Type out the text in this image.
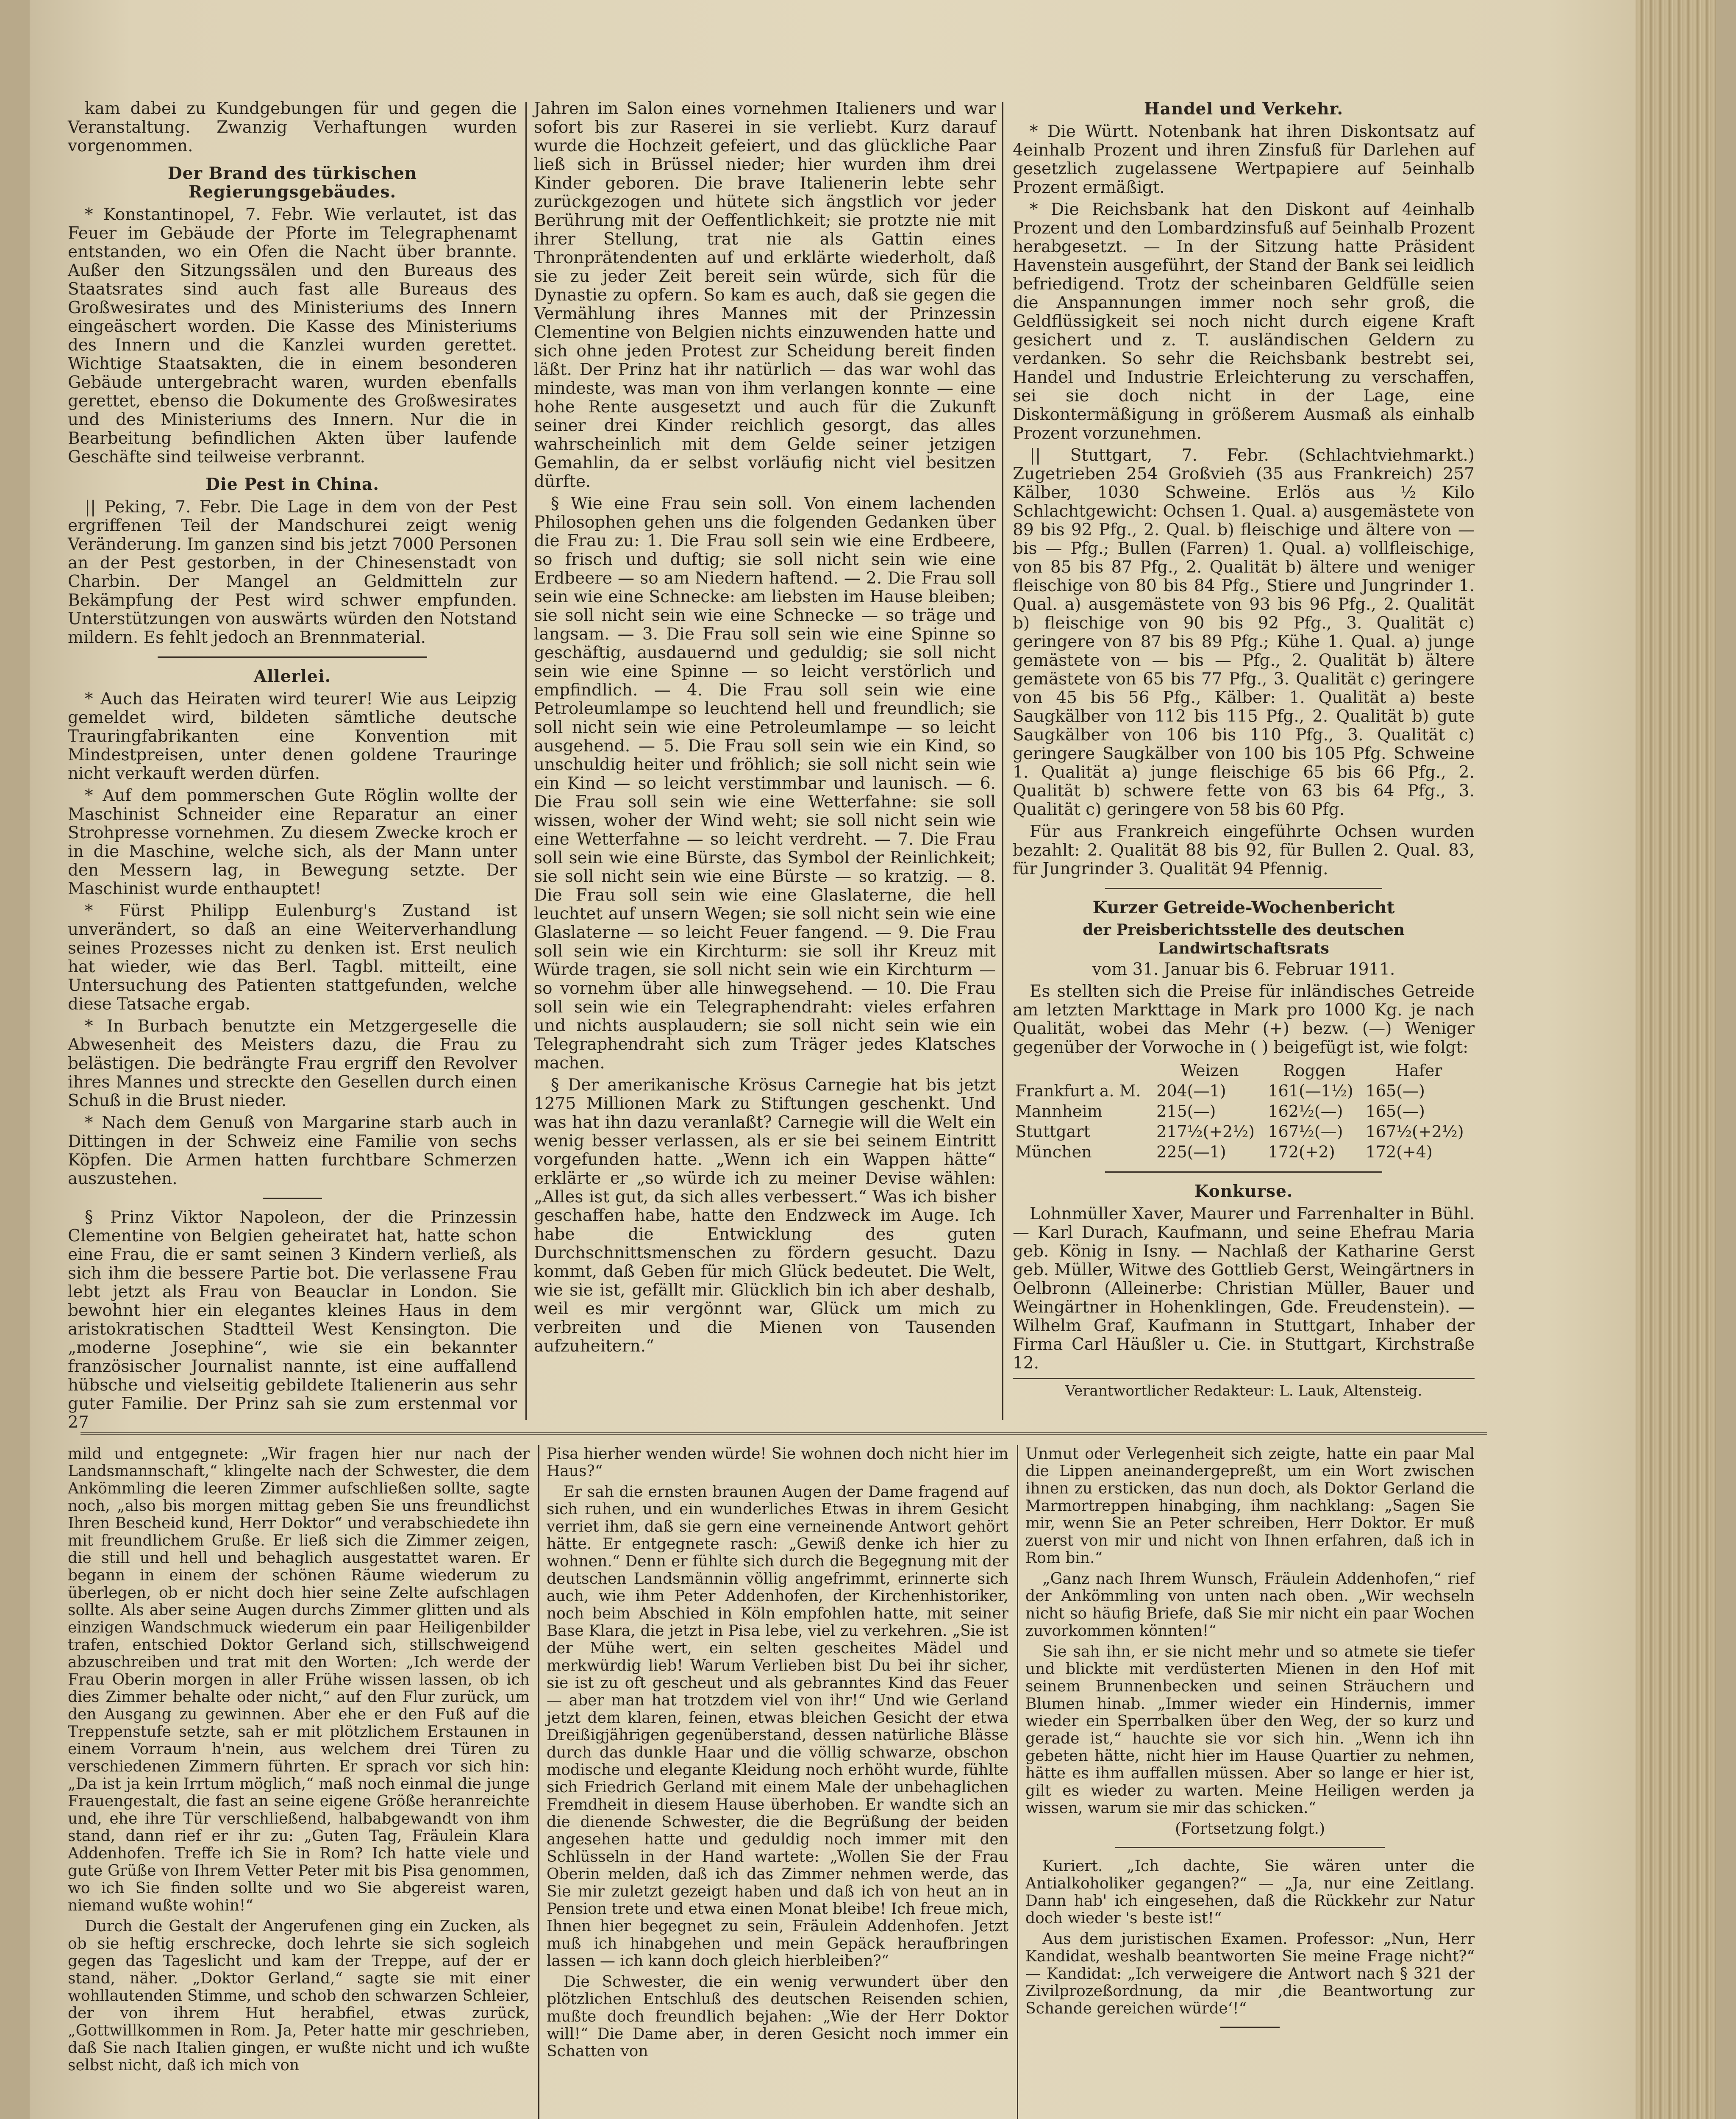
kam dabei zu Kundgebungen für und gegen die Veranstaltung. Zwanzig Verhaftungen wurden vorgenommen.

Der Brand des türkischen Regierungsgebäudes.

* Konstantinopel, 7. Febr. Wie verlautet, ist das Feuer im Gebäude der Pforte im Telegraphenamt entstanden, wo ein Ofen die Nacht über brannte. Außer den Sitzungssälen und den Bureaus des Staatsrates sind auch fast alle Bureaus des Großwesirates und des Ministeriums des Innern eingeäschert worden. Die Kasse des Ministeriums des Innern und die Kanzlei wurden gerettet. Wichtige Staatsakten, die in einem besonderen Gebäude untergebracht waren, wurden ebenfalls gerettet, ebenso die Dokumente des Großwesirates und des Ministeriums des Innern. Nur die in Bearbeitung befindlichen Akten über laufende Geschäfte sind teilweise verbrannt.

Die Pest in China.

|| Peking, 7. Febr. Die Lage in dem von der Pest ergriffenen Teil der Mandschurei zeigt wenig Veränderung. Im ganzen sind bis jetzt 7000 Personen an der Pest gestorben, in der Chinesenstadt von Charbin. Der Mangel an Geldmitteln zur Bekämpfung der Pest wird schwer empfunden. Unterstützungen von auswärts würden den Notstand mildern. Es fehlt jedoch an Brennmaterial.

Allerlei.

* Auch das Heiraten wird teurer! Wie aus Leipzig gemeldet wird, bildeten sämtliche deutsche Trauringfabrikanten eine Konvention mit Mindestpreisen, unter denen goldene Trauringe nicht verkauft werden dürfen.

* Auf dem pommerschen Gute Röglin wollte der Maschinist Schneider eine Reparatur an einer Strohpresse vornehmen. Zu diesem Zwecke kroch er in die Maschine, welche sich, als der Mann unter den Messern lag, in Bewegung setzte. Der Maschinist wurde enthauptet!

* Fürst Philipp Eulenburg's Zustand ist unverändert, so daß an eine Weiterverhandlung seines Prozesses nicht zu denken ist. Erst neulich hat wieder, wie das Berl. Tagbl. mitteilt, eine Untersuchung des Patienten stattgefunden, welche diese Tatsache ergab.

* In Burbach benutzte ein Metzgergeselle die Abwesenheit des Meisters dazu, die Frau zu belästigen. Die bedrängte Frau ergriff den Revolver ihres Mannes und streckte den Gesellen durch einen Schuß in die Brust nieder.

* Nach dem Genuß von Margarine starb auch in Dittingen in der Schweiz eine Familie von sechs Köpfen. Die Armen hatten furchtbare Schmerzen auszustehen.

§ Prinz Viktor Napoleon, der die Prinzessin Clementine von Belgien geheiratet hat, hatte schon eine Frau, die er samt seinen 3 Kindern verließ, als sich ihm die bessere Partie bot. Die verlassene Frau lebt jetzt als Frau von Beauclar in London. Sie bewohnt hier ein elegantes kleines Haus in dem aristokratischen Stadtteil West Kensington. Die „moderne Josephine“, wie sie ein bekannter französischer Journalist nannte, ist eine auffallend hübsche und vielseitig gebildete Italienerin aus sehr guter Familie. Der Prinz sah sie zum erstenmal vor 27

Jahren im Salon eines vornehmen Italieners und war sofort bis zur Raserei in sie verliebt. Kurz darauf wurde die Hochzeit gefeiert, und das glückliche Paar ließ sich in Brüssel nieder; hier wurden ihm drei Kinder geboren. Die brave Italienerin lebte sehr zurückgezogen und hütete sich ängstlich vor jeder Berührung mit der Oeffentlichkeit; sie protzte nie mit ihrer Stellung, trat nie als Gattin eines Thronprätendenten auf und erklärte wiederholt, daß sie zu jeder Zeit bereit sein würde, sich für die Dynastie zu opfern. So kam es auch, daß sie gegen die Vermählung ihres Mannes mit der Prinzessin Clementine von Belgien nichts einzuwenden hatte und sich ohne jeden Protest zur Scheidung bereit finden läßt. Der Prinz hat ihr natürlich — das war wohl das mindeste, was man von ihm verlangen konnte — eine hohe Rente ausgesetzt und auch für die Zukunft seiner drei Kinder reichlich gesorgt, das alles wahrscheinlich mit dem Gelde seiner jetzigen Gemahlin, da er selbst vorläufig nicht viel besitzen dürfte.

§ Wie eine Frau sein soll. Von einem lachenden Philosophen gehen uns die folgenden Gedanken über die Frau zu: 1. Die Frau soll sein wie eine Erdbeere, so frisch und duftig; sie soll nicht sein wie eine Erdbeere — so am Niedern haftend. — 2. Die Frau soll sein wie eine Schnecke: am liebsten im Hause bleiben; sie soll nicht sein wie eine Schnecke — so träge und langsam. — 3. Die Frau soll sein wie eine Spinne so geschäftig, ausdauernd und geduldig; sie soll nicht sein wie eine Spinne — so leicht verstörlich und empfindlich. — 4. Die Frau soll sein wie eine Petroleumlampe so leuchtend hell und freundlich; sie soll nicht sein wie eine Petroleumlampe — so leicht ausgehend. — 5. Die Frau soll sein wie ein Kind, so unschuldig heiter und fröhlich; sie soll nicht sein wie ein Kind — so leicht verstimmbar und launisch. — 6. Die Frau soll sein wie eine Wetterfahne: sie soll wissen, woher der Wind weht; sie soll nicht sein wie eine Wetterfahne — so leicht verdreht. — 7. Die Frau soll sein wie eine Bürste, das Symbol der Reinlichkeit; sie soll nicht sein wie eine Bürste — so kratzig. — 8. Die Frau soll sein wie eine Glaslaterne, die hell leuchtet auf unsern Wegen; sie soll nicht sein wie eine Glaslaterne — so leicht Feuer fangend. — 9. Die Frau soll sein wie ein Kirchturm: sie soll ihr Kreuz mit Würde tragen, sie soll nicht sein wie ein Kirchturm — so vornehm über alle hinwegsehend. — 10. Die Frau soll sein wie ein Telegraphendraht: vieles erfahren und nichts ausplaudern; sie soll nicht sein wie ein Telegraphendraht sich zum Träger jedes Klatsches machen.

§ Der amerikanische Krösus Carnegie hat bis jetzt 1275 Millionen Mark zu Stiftungen geschenkt. Und was hat ihn dazu veranlaßt? Carnegie will die Welt ein wenig besser verlassen, als er sie bei seinem Eintritt vorgefunden hatte. „Wenn ich ein Wappen hätte“ erklärte er „so würde ich zu meiner Devise wählen: „Alles ist gut, da sich alles verbessert.“ Was ich bisher geschaffen habe, hatte den Endzweck im Auge. Ich habe die Entwicklung des guten Durchschnittsmenschen zu fördern gesucht. Dazu kommt, daß Geben für mich Glück bedeutet. Die Welt, wie sie ist, gefällt mir. Glücklich bin ich aber deshalb, weil es mir vergönnt war, Glück um mich zu verbreiten und die Mienen von Tausenden aufzuheitern.“

Handel und Verkehr.

* Die Württ. Notenbank hat ihren Diskontsatz auf 4einhalb Prozent und ihren Zinsfuß für Darlehen auf gesetzlich zugelassene Wertpapiere auf 5einhalb Prozent ermäßigt.

* Die Reichsbank hat den Diskont auf 4einhalb Prozent und den Lombardzinsfuß auf 5einhalb Prozent herabgesetzt. — In der Sitzung hatte Präsident Havenstein ausgeführt, der Stand der Bank sei leidlich befriedigend. Trotz der scheinbaren Geldfülle seien die Anspannungen immer noch sehr groß, die Geldflüssigkeit sei noch nicht durch eigene Kraft gesichert und z. T. ausländischen Geldern zu verdanken. So sehr die Reichsbank bestrebt sei, Handel und Industrie Erleichterung zu verschaffen, sei sie doch nicht in der Lage, eine Diskontermäßigung in größerem Ausmaß als einhalb Prozent vorzunehmen.

|| Stuttgart, 7. Febr. (Schlachtviehmarkt.) Zugetrieben 254 Großvieh (35 aus Frankreich) 257 Kälber, 1030 Schweine. Erlös aus ½ Kilo Schlachtgewicht: Ochsen 1. Qual. a) ausgemästete von 89 bis 92 Pfg., 2. Qual. b) fleischige und ältere von — bis — Pfg.; Bullen (Farren) 1. Qual. a) vollfleischige, von 85 bis 87 Pfg., 2. Qualität b) ältere und weniger fleischige von 80 bis 84 Pfg., Stiere und Jungrinder 1. Qual. a) ausgemästete von 93 bis 96 Pfg., 2. Qualität b) fleischige von 90 bis 92 Pfg., 3. Qualität c) geringere von 87 bis 89 Pfg.; Kühe 1. Qual. a) junge gemästete von — bis — Pfg., 2. Qualität b) ältere gemästete von 65 bis 77 Pfg., 3. Qualität c) geringere von 45 bis 56 Pfg., Kälber: 1. Qualität a) beste Saugkälber von 112 bis 115 Pfg., 2. Qualität b) gute Saugkälber von 106 bis 110 Pfg., 3. Qualität c) geringere Saugkälber von 100 bis 105 Pfg. Schweine 1. Qualität a) junge fleischige 65 bis 66 Pfg., 2. Qualität b) schwere fette von 63 bis 64 Pfg., 3. Qualität c) geringere von 58 bis 60 Pfg.

Für aus Frankreich eingeführte Ochsen wurden bezahlt: 2. Qualität 88 bis 92, für Bullen 2. Qual. 83, für Jungrinder 3. Qualität 94 Pfennig.

Kurzer Getreide-Wochenbericht
der Preisberichtsstelle des deutschen Landwirtschaftsrats
vom 31. Januar bis 6. Februar 1911.

Es stellten sich die Preise für inländisches Getreide am letzten Markttage in Mark pro 1000 Kg. je nach Qualität, wobei das Mehr (+) bezw. (—) Weniger gegenüber der Vorwoche in ( ) beigefügt ist, wie folgt:

	Weizen	Roggen	Hafer
Frankfurt a. M.	204(—1)	161(—1½)	165(—)
Mannheim	215(—)	162½(—)	165(—)
Stuttgart	217½(+2½)	167½(—)	167½(+2½)
München	225(—1)	172(+2)	172(+4)
Konkurse.

Lohnmüller Xaver, Maurer und Farrenhalter in Bühl. — Karl Durach, Kaufmann, und seine Ehefrau Maria geb. König in Isny. — Nachlaß der Katharine Gerst geb. Müller, Witwe des Gottlieb Gerst, Weingärtners in Oelbronn (Alleinerbe: Christian Müller, Bauer und Weingärtner in Hohenklingen, Gde. Freudenstein). — Wilhelm Graf, Kaufmann in Stuttgart, Inhaber der Firma Carl Häußler u. Cie. in Stuttgart, Kirchstraße 12.

Verantwortlicher Redakteur: L. Lauk, Altensteig.

mild und entgegnete: „Wir fragen hier nur nach der Landsmannschaft,“ klingelte nach der Schwester, die dem Ankömmling die leeren Zimmer aufschließen sollte, sagte noch, „also bis morgen mittag geben Sie uns freundlichst Ihren Bescheid kund, Herr Doktor“ und verabschiedete ihn mit freundlichem Gruße. Er ließ sich die Zimmer zeigen, die still und hell und behaglich ausgestattet waren. Er begann in einem der schönen Räume wiederum zu überlegen, ob er nicht doch hier seine Zelte aufschlagen sollte. Als aber seine Augen durchs Zimmer glitten und als einzigen Wandschmuck wiederum ein paar Heiligenbilder trafen, entschied Doktor Gerland sich, stillschweigend abzuschreiben und trat mit den Worten: „Ich werde der Frau Oberin morgen in aller Frühe wissen lassen, ob ich dies Zimmer behalte oder nicht,“ auf den Flur zurück, um den Ausgang zu gewinnen. Aber ehe er den Fuß auf die Treppenstufe setzte, sah er mit plötzlichem Erstaunen in einem Vorraum h'nein, aus welchem drei Türen zu verschiedenen Zimmern führten. Er sprach vor sich hin: „Da ist ja kein Irrtum möglich,“ maß noch einmal die junge Frauengestalt, die fast an seine eigene Größe heranreichte und, ehe ihre Tür verschließend, halbabgewandt von ihm stand, dann rief er ihr zu: „Guten Tag, Fräulein Klara Addenhofen. Treffe ich Sie in Rom? Ich hatte viele und gute Grüße von Ihrem Vetter Peter mit bis Pisa genommen, wo ich Sie finden sollte und wo Sie abgereist waren, niemand wußte wohin!“

Durch die Gestalt der Angerufenen ging ein Zucken, als ob sie heftig erschrecke, doch lehrte sie sich sogleich gegen das Tageslicht und kam der Treppe, auf der er stand, näher. „Doktor Gerland,“ sagte sie mit einer wohllautenden Stimme, und schob den schwarzen Schleier, der von ihrem Hut herabfiel, etwas zurück, „Gottwillkommen in Rom. Ja, Peter hatte mir geschrieben, daß Sie nach Italien gingen, er wußte nicht und ich wußte selbst nicht, daß ich mich von

Pisa hierher wenden würde! Sie wohnen doch nicht hier im Haus?“

Er sah die ernsten braunen Augen der Dame fragend auf sich ruhen, und ein wunderliches Etwas in ihrem Gesicht verriet ihm, daß sie gern eine verneinende Antwort gehört hätte. Er entgegnete rasch: „Gewiß denke ich hier zu wohnen.“ Denn er fühlte sich durch die Begegnung mit der deutschen Landsmännin völlig angefrimmt, erinnerte sich auch, wie ihm Peter Addenhofen, der Kirchenhistoriker, noch beim Abschied in Köln empfohlen hatte, mit seiner Base Klara, die jetzt in Pisa lebe, viel zu verkehren. „Sie ist der Mühe wert, ein selten gescheites Mädel und merkwürdig lieb! Warum Verlieben bist Du bei ihr sicher, sie ist zu oft gescheut und als gebranntes Kind das Feuer — aber man hat trotzdem viel von ihr!“ Und wie Gerland jetzt dem klaren, feinen, etwas bleichen Gesicht der etwa Dreißigjährigen gegenüberstand, dessen natürliche Blässe durch das dunkle Haar und die völlig schwarze, obschon modische und elegante Kleidung noch erhöht wurde, fühlte sich Friedrich Gerland mit einem Male der unbehaglichen Fremdheit in diesem Hause überhoben. Er wandte sich an die dienende Schwester, die die Begrüßung der beiden angesehen hatte und geduldig noch immer mit den Schlüsseln in der Hand wartete: „Wollen Sie der Frau Oberin melden, daß ich das Zimmer nehmen werde, das Sie mir zuletzt gezeigt haben und daß ich von heut an in Pension trete und etwa einen Monat bleibe! Ich freue mich, Ihnen hier begegnet zu sein, Fräulein Addenhofen. Jetzt muß ich hinabgehen und mein Gepäck heraufbringen lassen — ich kann doch gleich hierbleiben?“

Die Schwester, die ein wenig verwundert über den plötzlichen Entschluß des deutschen Reisenden schien, mußte doch freundlich bejahen: „Wie der Herr Doktor will!“ Die Dame aber, in deren Gesicht noch immer ein Schatten von

Unmut oder Verlegenheit sich zeigte, hatte ein paar Mal die Lippen aneinandergepreßt, um ein Wort zwischen ihnen zu ersticken, das nun doch, als Doktor Gerland die Marmortreppen hinabging, ihm nachklang: „Sagen Sie mir, wenn Sie an Peter schreiben, Herr Doktor. Er muß zuerst von mir und nicht von Ihnen erfahren, daß ich in Rom bin.“

„Ganz nach Ihrem Wunsch, Fräulein Addenhofen,“ rief der Ankömmling von unten nach oben. „Wir wechseln nicht so häufig Briefe, daß Sie mir nicht ein paar Wochen zuvorkommen könnten!“

Sie sah ihn, er sie nicht mehr und so atmete sie tiefer und blickte mit verdüsterten Mienen in den Hof mit seinem Brunnenbecken und seinen Sträuchern und Blumen hinab. „Immer wieder ein Hindernis, immer wieder ein Sperrbalken über den Weg, der so kurz und gerade ist,“ hauchte sie vor sich hin. „Wenn ich ihn gebeten hätte, nicht hier im Hause Quartier zu nehmen, hätte es ihm auffallen müssen. Aber so lange er hier ist, gilt es wieder zu warten. Meine Heiligen werden ja wissen, warum sie mir das schicken.“

(Fortsetzung folgt.)

Kuriert. „Ich dachte, Sie wären unter die Antialkoholiker gegangen?“ — „Ja, nur eine Zeitlang. Dann hab' ich eingesehen, daß die Rückkehr zur Natur doch wieder 's beste ist!“

Aus dem juristischen Examen. Professor: „Nun, Herr Kandidat, weshalb beantworten Sie meine Frage nicht?“ — Kandidat: „Ich verweigere die Antwort nach § 321 der Zivilprozeßordnung, da mir ‚die Beantwortung zur Schande gereichen würde‘!“
